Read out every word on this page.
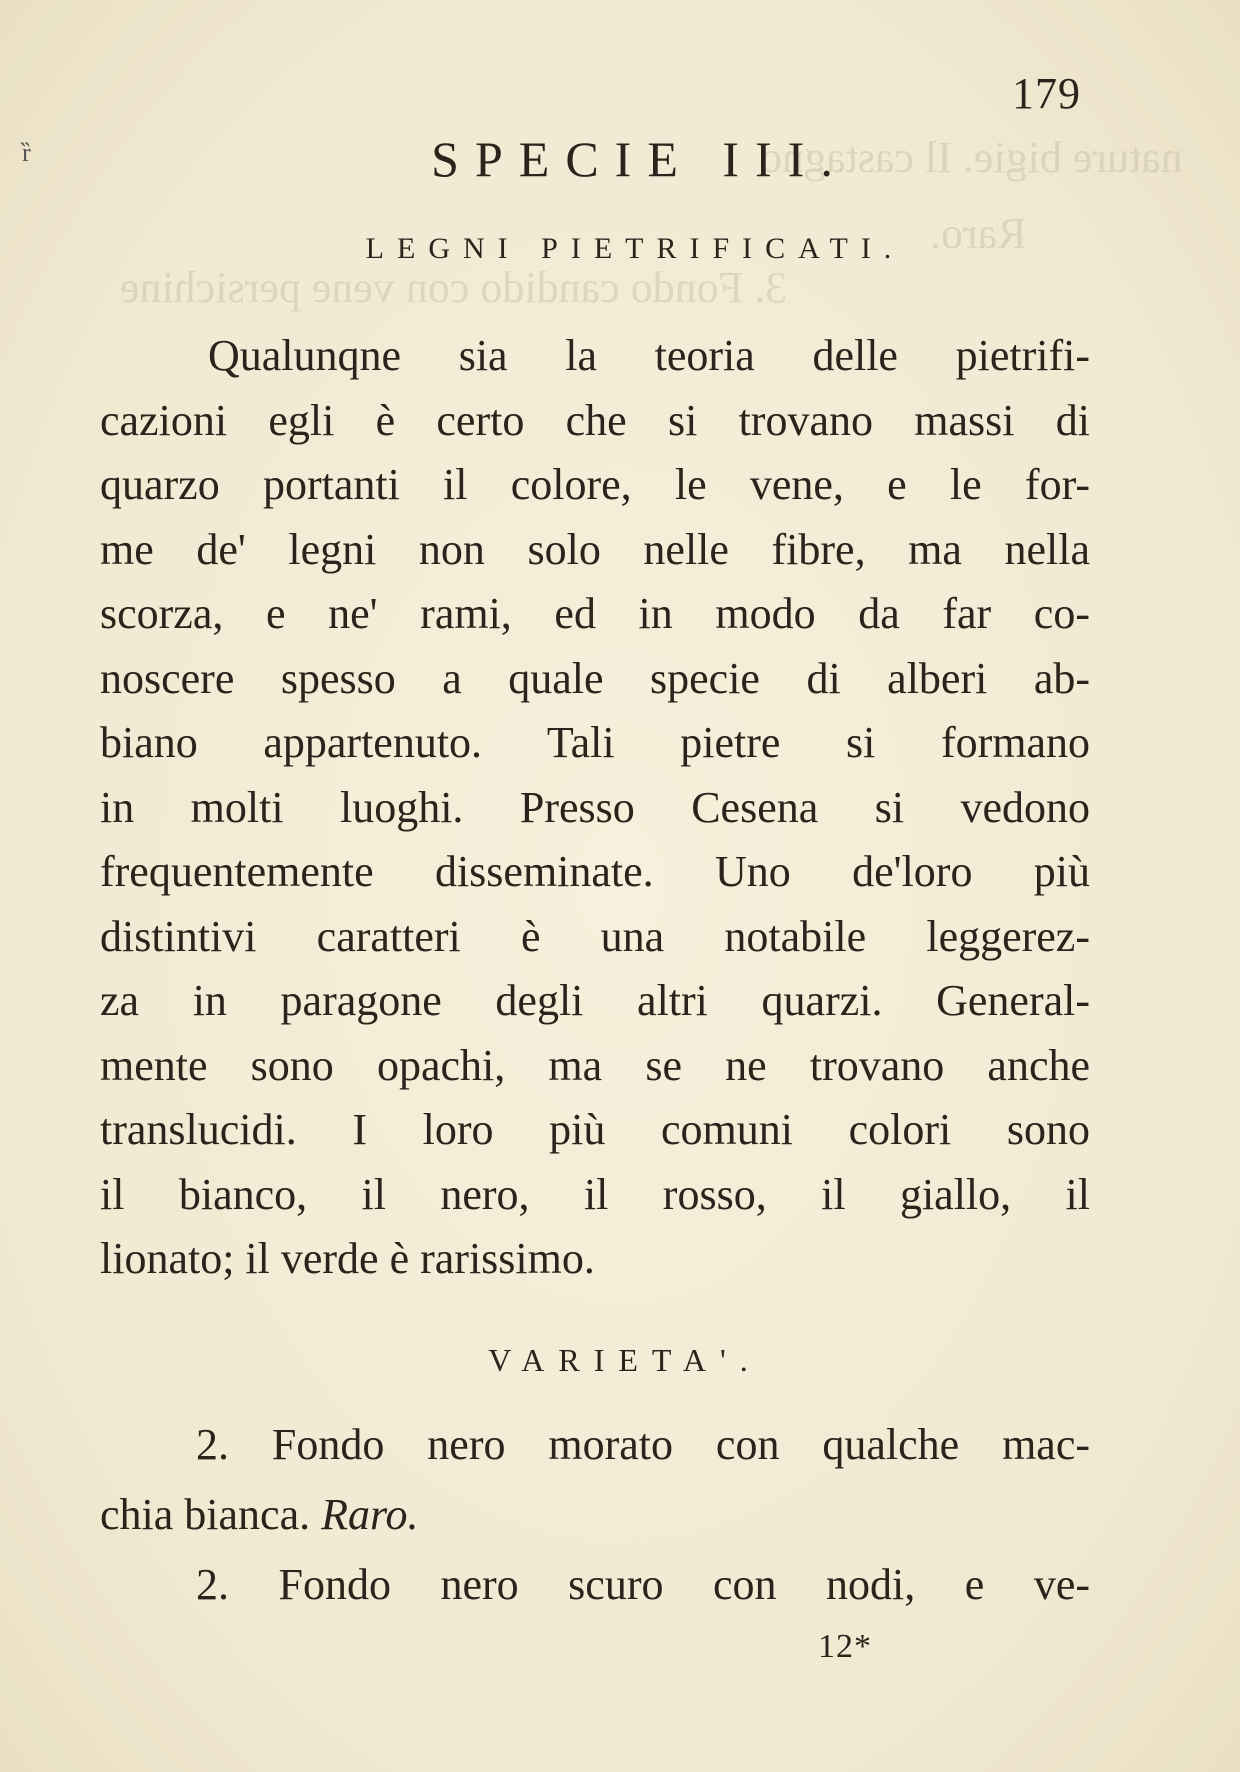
nature bigie. Il castagno
Raro.
3. Fondo candido con vene persichine
ȑ
179
SPECIE III.
LEGNI PIETRIFICATI.
Qualunqne sia la teoria delle pietrifi-
cazioni egli è certo che si trovano massi di
quarzo portanti il colore, le vene, e le for-
me de' legni non solo nelle fibre, ma nella
scorza, e ne' rami, ed in modo da far co-
noscere spesso a quale specie di alberi ab-
biano appartenuto. Tali pietre si formano
in molti luoghi. Presso Cesena si vedono
frequentemente disseminate. Uno de'loro più
distintivi caratteri è una notabile leggerez-
za in paragone degli altri quarzi. General-
mente sono opachi, ma se ne trovano anche
translucidi. I loro più comuni colori sono
il bianco, il nero, il rosso, il giallo, il
lionato; il verde è rarissimo.
VARIETA'.
2. Fondo nero morato con qualche mac-
chia bianca. Raro.
2. Fondo nero scuro con nodi, e ve-
12*
